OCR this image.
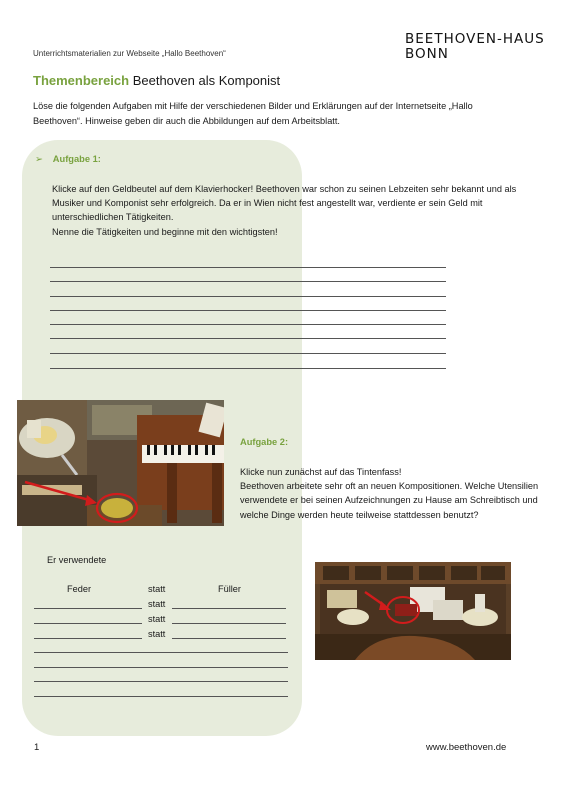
Unterrichtsmaterialien zur Webseite „Hallo Beethoven“
BEETHOVEN-HAUS
BONN
Themenbereich Beethoven als Komponist
Löse die folgenden Aufgaben mit Hilfe der verschiedenen Bilder und Erklärungen auf der Internetseite „Hallo Beethoven“. Hinweise geben dir auch die Abbildungen auf dem Arbeitsblatt.
➢ Aufgabe 1:
Klicke auf den Geldbeutel auf dem Klavierhocker! Beethoven war schon zu seinen Lebzeiten sehr bekannt und als Musiker und Komponist sehr erfolgreich. Da er in Wien nicht fest angestellt war, verdiente er sein Geld mit unterschiedlichen Tätigkeiten.
Nenne die Tätigkeiten und beginne mit den wichtigsten!
Aufgabe 2:
Klicke nun zunächst auf das Tintenfass!
Beethoven arbeitete sehr oft an neuen Kompositionen. Welche Utensilien verwendete er bei seinen Aufzeichnungen zu Hause am Schreibtisch und welche Dinge werden heute teilweise stattdessen benutzt?
Er verwendete
Feder	statt	Füller
statt
statt
statt
1	www.beethoven.de
